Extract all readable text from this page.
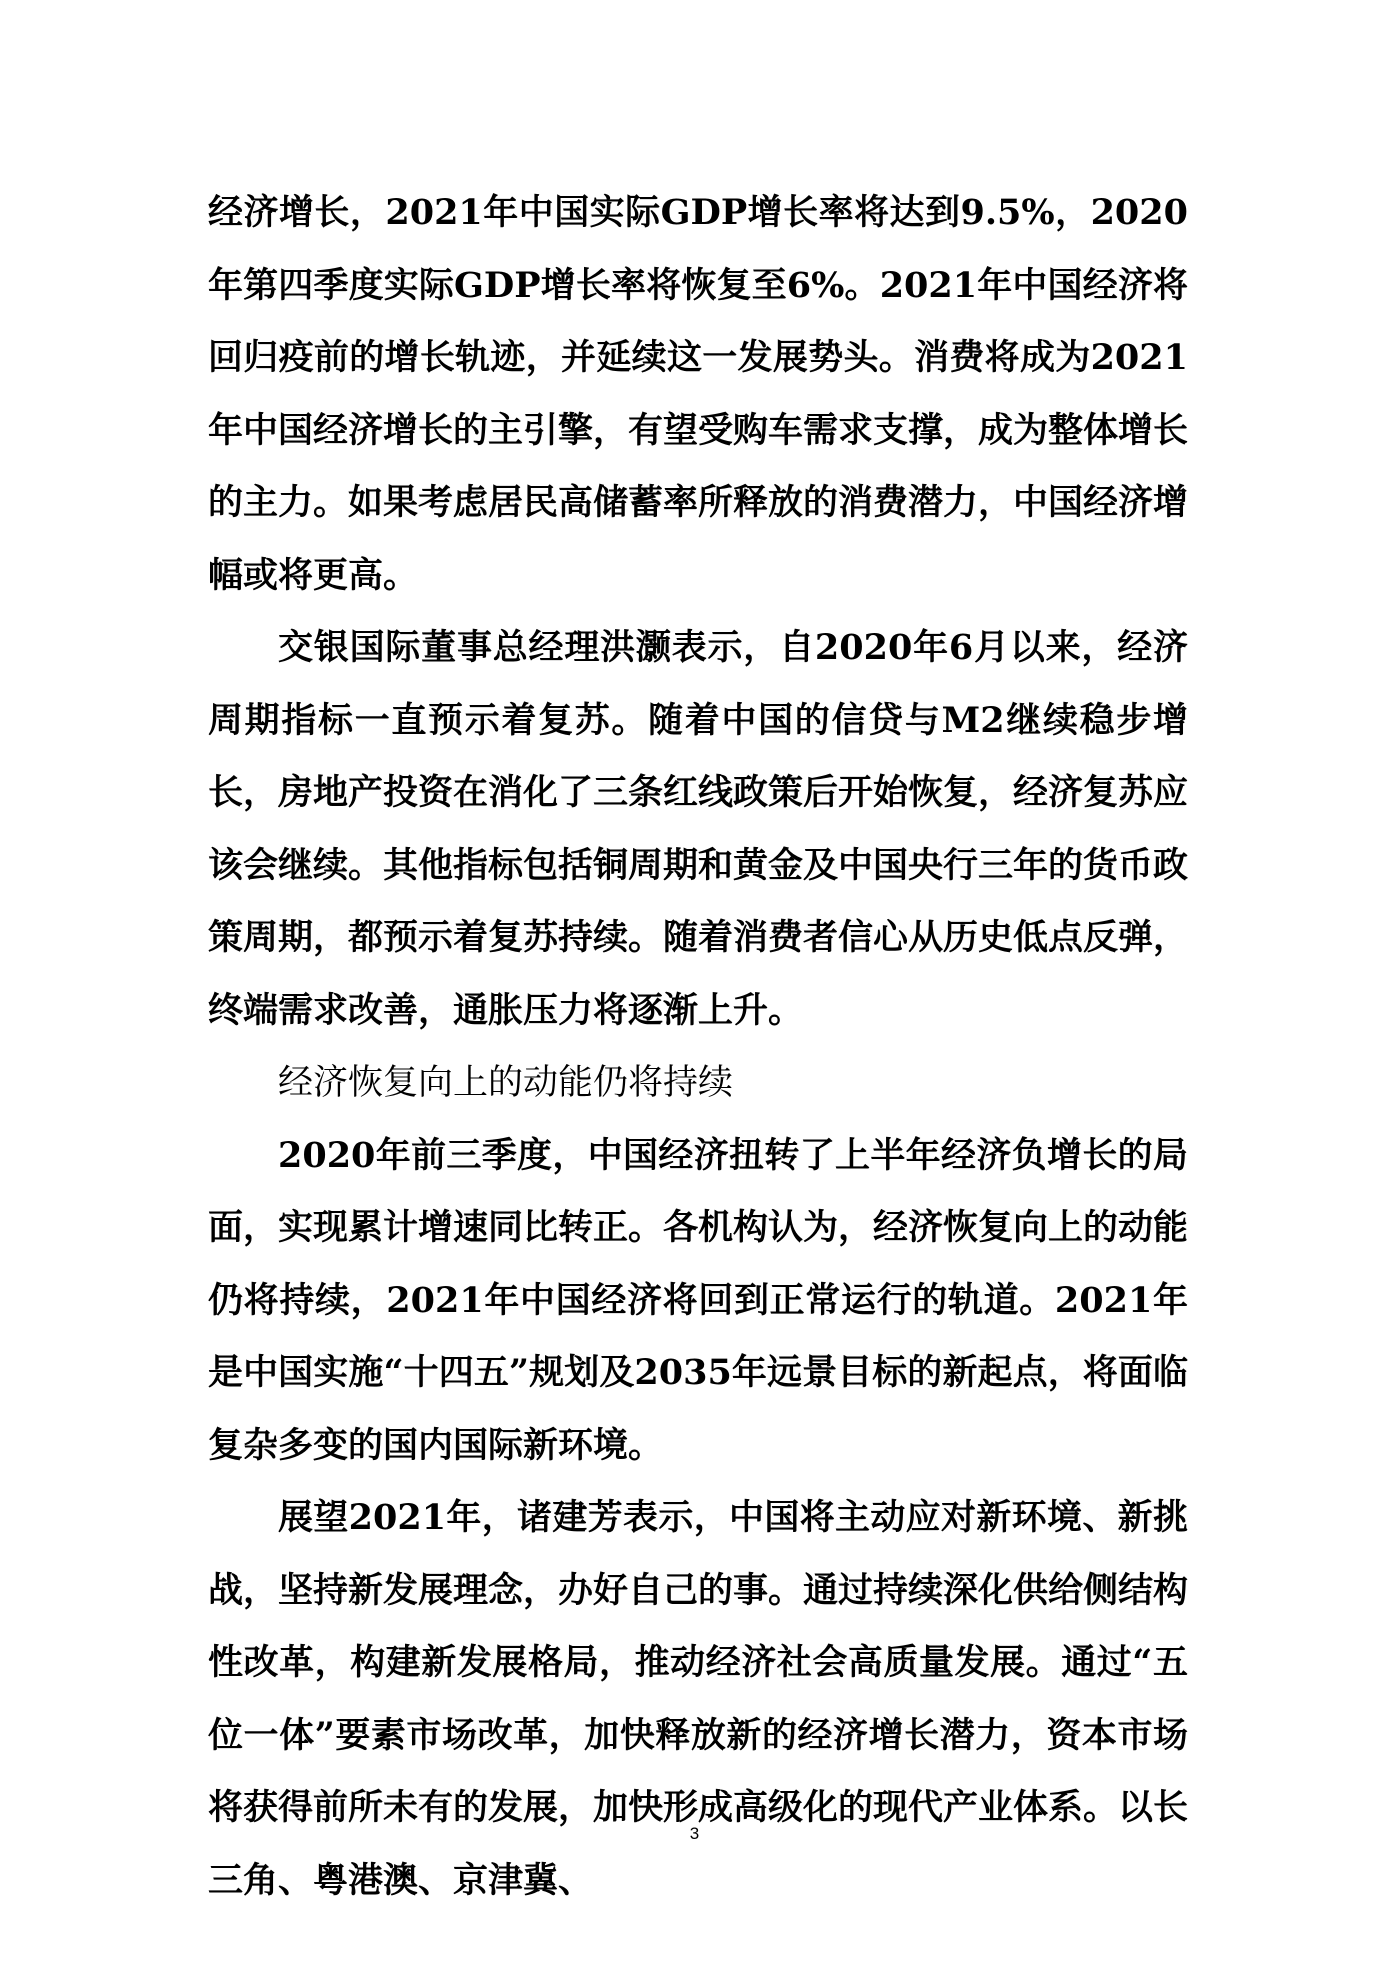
经济增长，2021年中国实际GDP增长率将达到9.5%，2020年第四季度实际GDP增长率将恢复至6%。2021年中国经济将回归疫前的增长轨迹，并延续这一发展势头。消费将成为2021年中国经济增长的主引擎，有望受购车需求支撑，成为整体增长的主力。如果考虑居民高储蓄率所释放的消费潜力，中国经济增幅或将更高。

交银国际董事总经理洪灏表示，自2020年6月以来，经济周期指标一直预示着复苏。随着中国的信贷与M2继续稳步增长，房地产投资在消化了三条红线政策后开始恢复，经济复苏应该会继续。其他指标包括铜周期和黄金及中国央行三年的货币政策周期，都预示着复苏持续。随着消费者信心从历史低点反弹，终端需求改善，通胀压力将逐渐上升。

经济恢复向上的动能仍将持续

2020年前三季度，中国经济扭转了上半年经济负增长的局面，实现累计增速同比转正。各机构认为，经济恢复向上的动能仍将持续，2021年中国经济将回到正常运行的轨道。2021年是中国实施“十四五”规划及2035年远景目标的新起点，将面临复杂多变的国内国际新环境。

展望2021年，诸建芳表示，中国将主动应对新环境、新挑战，坚持新发展理念，办好自己的事。通过持续深化供给侧结构性改革，构建新发展格局，推动经济社会高质量发展。通过“五位一体”要素市场改革，加快释放新的经济增长潜力，资本市场将获得前所未有的发展，加快形成高级化的现代产业体系。以长三角、粤港澳、京津冀、

3
